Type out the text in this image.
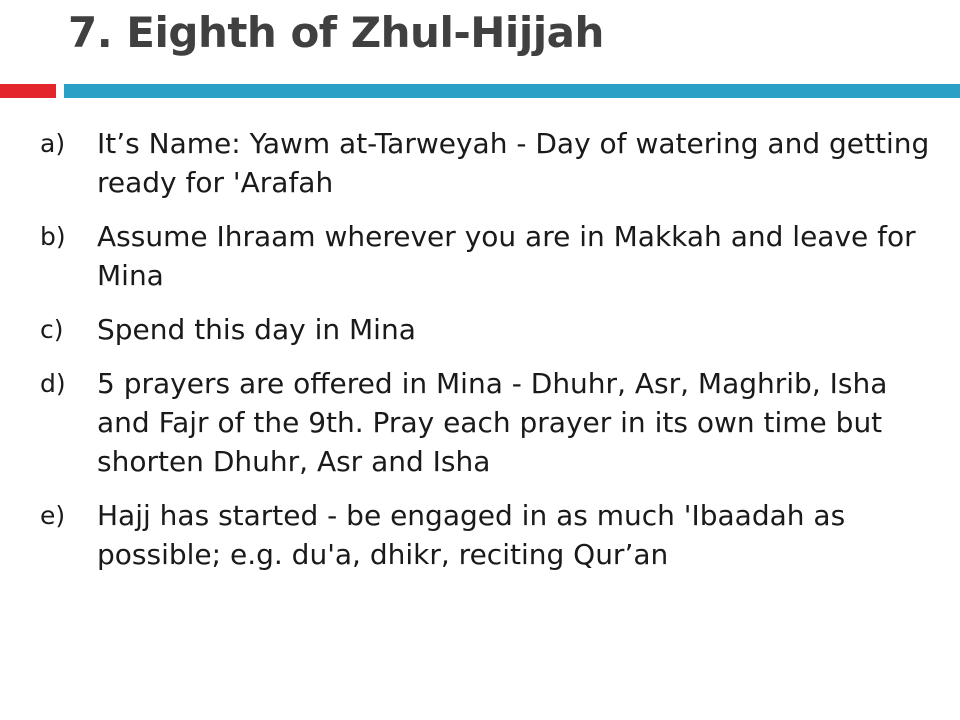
7. Eighth of Zhul-Hijjah
a)	It’s Name: Yawm at-Tarweyah - Day of watering and getting ready for 'Arafah
b)	Assume Ihraam wherever you are in Makkah and leave for Mina
c)	Spend this day in Mina
d)	5 prayers are offered in Mina - Dhuhr, Asr, Maghrib, Isha and Fajr of the 9th. Pray each prayer in its own time but shorten Dhuhr, Asr and Isha
e)	Hajj has started - be engaged in as much 'Ibaadah as possible; e.g. du'a, dhikr, reciting Qur’an
